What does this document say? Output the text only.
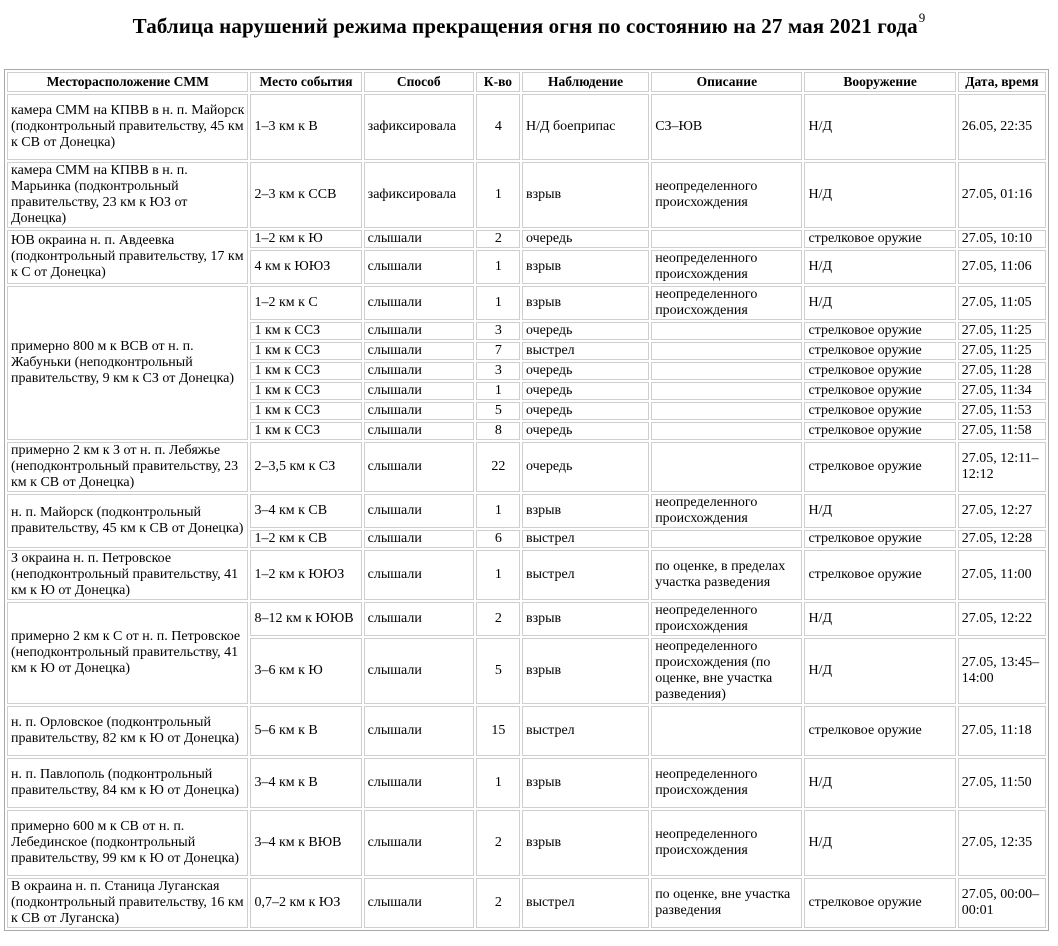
Таблица нарушений режима прекращения огня по состоянию на 27 мая 2021 года$^9$
Месторасположение СММ	Место события	Способ	К-во	Наблюдение	Описание	Вооружение	Дата, время
камера СММ на КПВВ в н. п. Майорск (подконтрольный правительству, 45 км к СВ от Донецка)	1–3 км к В	зафиксировала	4	Н/Д боеприпас	СЗ–ЮВ	Н/Д	26.05, 22:35
камера СММ на КПВВ в н. п. Марьинка (подконтрольный правительству, 23 км к ЮЗ от Донецка)	2–3 км к ССВ	зафиксировала	1	взрыв	неопределенного происхождения	Н/Д	27.05, 01:16
ЮВ окраина н. п. Авдеевка (подконтрольный правительству, 17 км к С от Донецка)	1–2 км к Ю	слышали	2	очередь		стрелковое оружие	27.05, 10:10
	4 км к ЮЮЗ	слышали	1	взрыв	неопределенного происхождения	Н/Д	27.05, 11:06
примерно 800 м к ВСВ от н. п. Жабуньки (неподконтрольный правительству, 9 км к СЗ от Донецка)	1–2 км к С	слышали	1	взрыв	неопределенного происхождения	Н/Д	27.05, 11:05
	1 км к ССЗ	слышали	3	очередь		стрелковое оружие	27.05, 11:25
	1 км к ССЗ	слышали	7	выстрел		стрелковое оружие	27.05, 11:25
	1 км к ССЗ	слышали	3	очередь		стрелковое оружие	27.05, 11:28
	1 км к ССЗ	слышали	1	очередь		стрелковое оружие	27.05, 11:34
	1 км к ССЗ	слышали	5	очередь		стрелковое оружие	27.05, 11:53
	1 км к ССЗ	слышали	8	очередь		стрелковое оружие	27.05, 11:58
примерно 2 км к З от н. п. Лебяжье (неподконтрольный правительству, 23 км к СВ от Донецка)	2–3,5 км к СЗ	слышали	22	очередь		стрелковое оружие	27.05, 12:11–12:12
н. п. Майорск (подконтрольный правительству, 45 км к СВ от Донецка)	3–4 км к СВ	слышали	1	взрыв	неопределенного происхождения	Н/Д	27.05, 12:27
	1–2 км к СВ	слышали	6	выстрел		стрелковое оружие	27.05, 12:28
З окраина н. п. Петровское (неподконтрольный правительству, 41 км к Ю от Донецка)	1–2 км к ЮЮЗ	слышали	1	выстрел	по оценке, в пределах участка разведения	стрелковое оружие	27.05, 11:00
примерно 2 км к С от н. п. Петровское (неподконтрольный правительству, 41 км к Ю от Донецка)	8–12 км к ЮЮВ	слышали	2	взрыв	неопределенного происхождения	Н/Д	27.05, 12:22
	3–6 км к Ю	слышали	5	взрыв	неопределенного происхождения (по оценке, вне участка разведения)	Н/Д	27.05, 13:45–14:00
н. п. Орловское (подконтрольный правительству, 82 км к Ю от Донецка)	5–6 км к В	слышали	15	выстрел		стрелковое оружие	27.05, 11:18
н. п. Павлополь (подконтрольный правительству, 84 км к Ю от Донецка)	3–4 км к В	слышали	1	взрыв	неопределенного происхождения	Н/Д	27.05, 11:50
примерно 600 м к СВ от н. п. Лебединское (подконтрольный правительству, 99 км к Ю от Донецка)	3–4 км к ВЮВ	слышали	2	взрыв	неопределенного происхождения	Н/Д	27.05, 12:35
В окраина н. п. Станица Луганская (подконтрольный правительству, 16 км к СВ от Луганска)	0,7–2 км к ЮЗ	слышали	2	выстрел	по оценке, вне участка разведения	стрелковое оружие	27.05, 00:00–00:01
